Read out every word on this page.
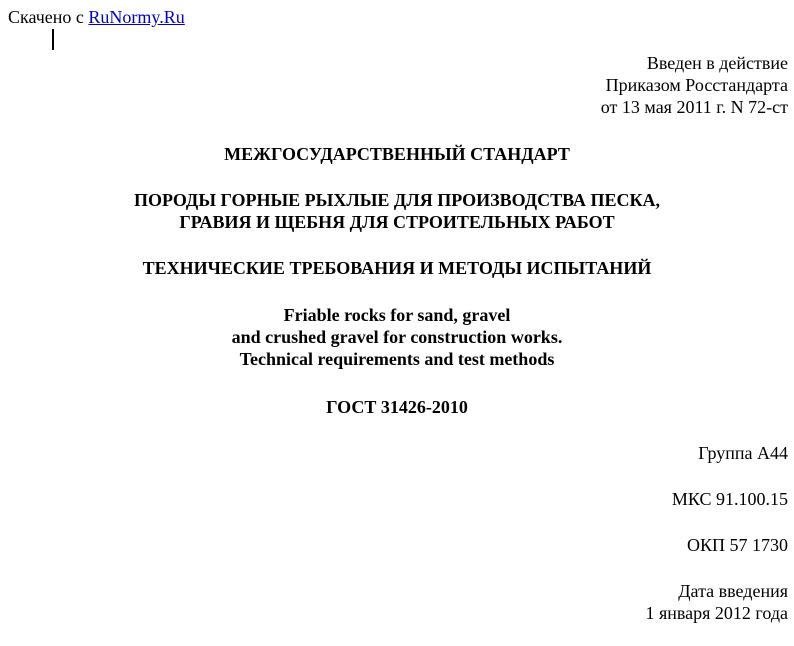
Скачено с RuNormy.Ru
Введен в действие
Приказом Росстандарта
от 13 мая 2011 г. N 72-ст
МЕЖГОСУДАРСТВЕННЫЙ СТАНДАРТ
ПОРОДЫ ГОРНЫЕ РЫХЛЫЕ ДЛЯ ПРОИЗВОДСТВА ПЕСКА,
ГРАВИЯ И ЩЕБНЯ ДЛЯ СТРОИТЕЛЬНЫХ РАБОТ
ТЕХНИЧЕСКИЕ ТРЕБОВАНИЯ И МЕТОДЫ ИСПЫТАНИЙ
Friable rocks for sand, gravel
and crushed gravel for construction works.
Technical requirements and test methods
ГОСТ 31426-2010
Группа А44
МКС 91.100.15
ОКП 57 1730
Дата введения
1 января 2012 года
